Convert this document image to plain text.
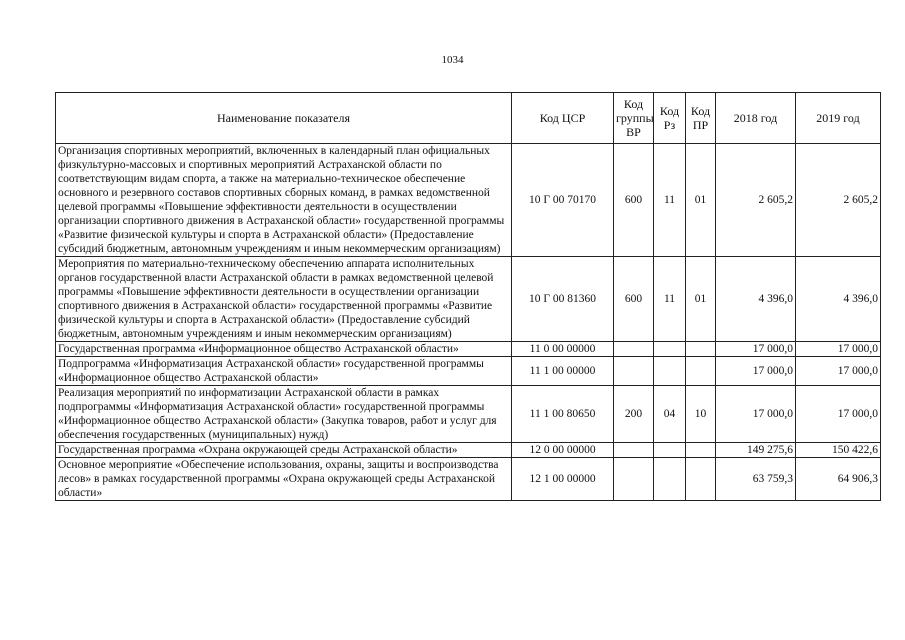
1034
Наименование показателя	Код ЦСР	Код группы ВР	Код Рз	Код ПР	2018 год	2019 год
Организация спортивных мероприятий, включенных в календарный план официальных физкультурно-массовых и спортивных мероприятий Астраханской области по соответствующим видам спорта, а также на материально-техническое обеспечение основного и резервного составов спортивных сборных команд, в рамках ведомственной целевой программы «Повышение эффективности деятельности в осуществлении организации спортивного движения в Астраханской области» государственной программы «Развитие физической культуры и спорта в Астраханской области» (Предоставление субсидий бюджетным, автономным учреждениям и иным некоммерческим организациям)	10 Г 00 70170	600	11	01	2 605,2	2 605,2
Мероприятия по материально-техническому обеспечению аппарата исполнительных органов государственной власти Астраханской области в рамках ведомственной целевой программы «Повышение эффективности деятельности в осуществлении организации спортивного движения в Астраханской области» государственной программы «Развитие физической культуры и спорта в Астраханской области» (Предоставление субсидий бюджетным, автономным учреждениям и иным некоммерческим организациям)	10 Г 00 81360	600	11	01	4 396,0	4 396,0
Государственная программа «Информационное общество Астраханской области»	11 0 00 00000				17 000,0	17 000,0
Подпрограмма «Информатизация Астраханской области» государственной программы «Информационное общество Астраханской области»	11 1 00 00000				17 000,0	17 000,0
Реализация мероприятий по информатизации Астраханской области в рамках подпрограммы «Информатизация Астраханской области» государственной программы «Информационное общество Астраханской области» (Закупка товаров, работ и услуг для обеспечения государственных (муниципальных) нужд)	11 1 00 80650	200	04	10	17 000,0	17 000,0
Государственная программа «Охрана окружающей среды Астраханской области»	12 0 00 00000				149 275,6	150 422,6
Основное мероприятие «Обеспечение использования, охраны, защиты и воспроизводства лесов» в рамках государственной программы «Охрана окружающей среды Астраханской области»	12 1 00 00000				63 759,3	64 906,3
